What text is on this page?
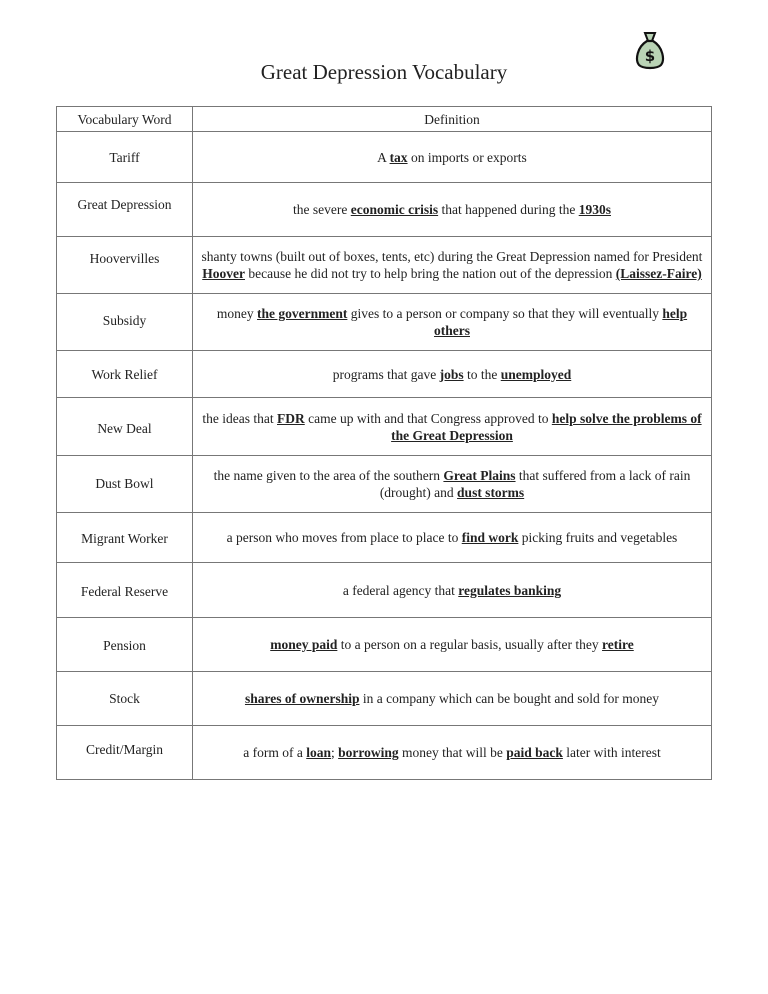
Great Depression Vocabulary
$
Vocabulary Word	Definition
Tariff	A tax on imports or exports
Great Depression	the severe economic crisis that happened during the 1930s
Hoovervilles	shanty towns (built out of boxes, tents, etc) during the Great Depression named for President Hoover because he did not try to help bring the nation out of the depression (Laissez-Faire)
Subsidy	money the government gives to a person or company so that they will eventually help others
Work Relief	programs that gave jobs to the unemployed
New Deal	the ideas that FDR came up with and that Congress approved to help solve the problems of the Great Depression
Dust Bowl	the name given to the area of the southern Great Plains that suffered from a lack of rain (drought) and dust storms
Migrant Worker	a person who moves from place to place to find work picking fruits and vegetables
Federal Reserve	a federal agency that regulates banking
Pension	money paid to a person on a regular basis, usually after they retire
Stock	shares of ownership in a company which can be bought and sold for money
Credit/Margin	a form of a loan; borrowing money that will be paid back later with interest
